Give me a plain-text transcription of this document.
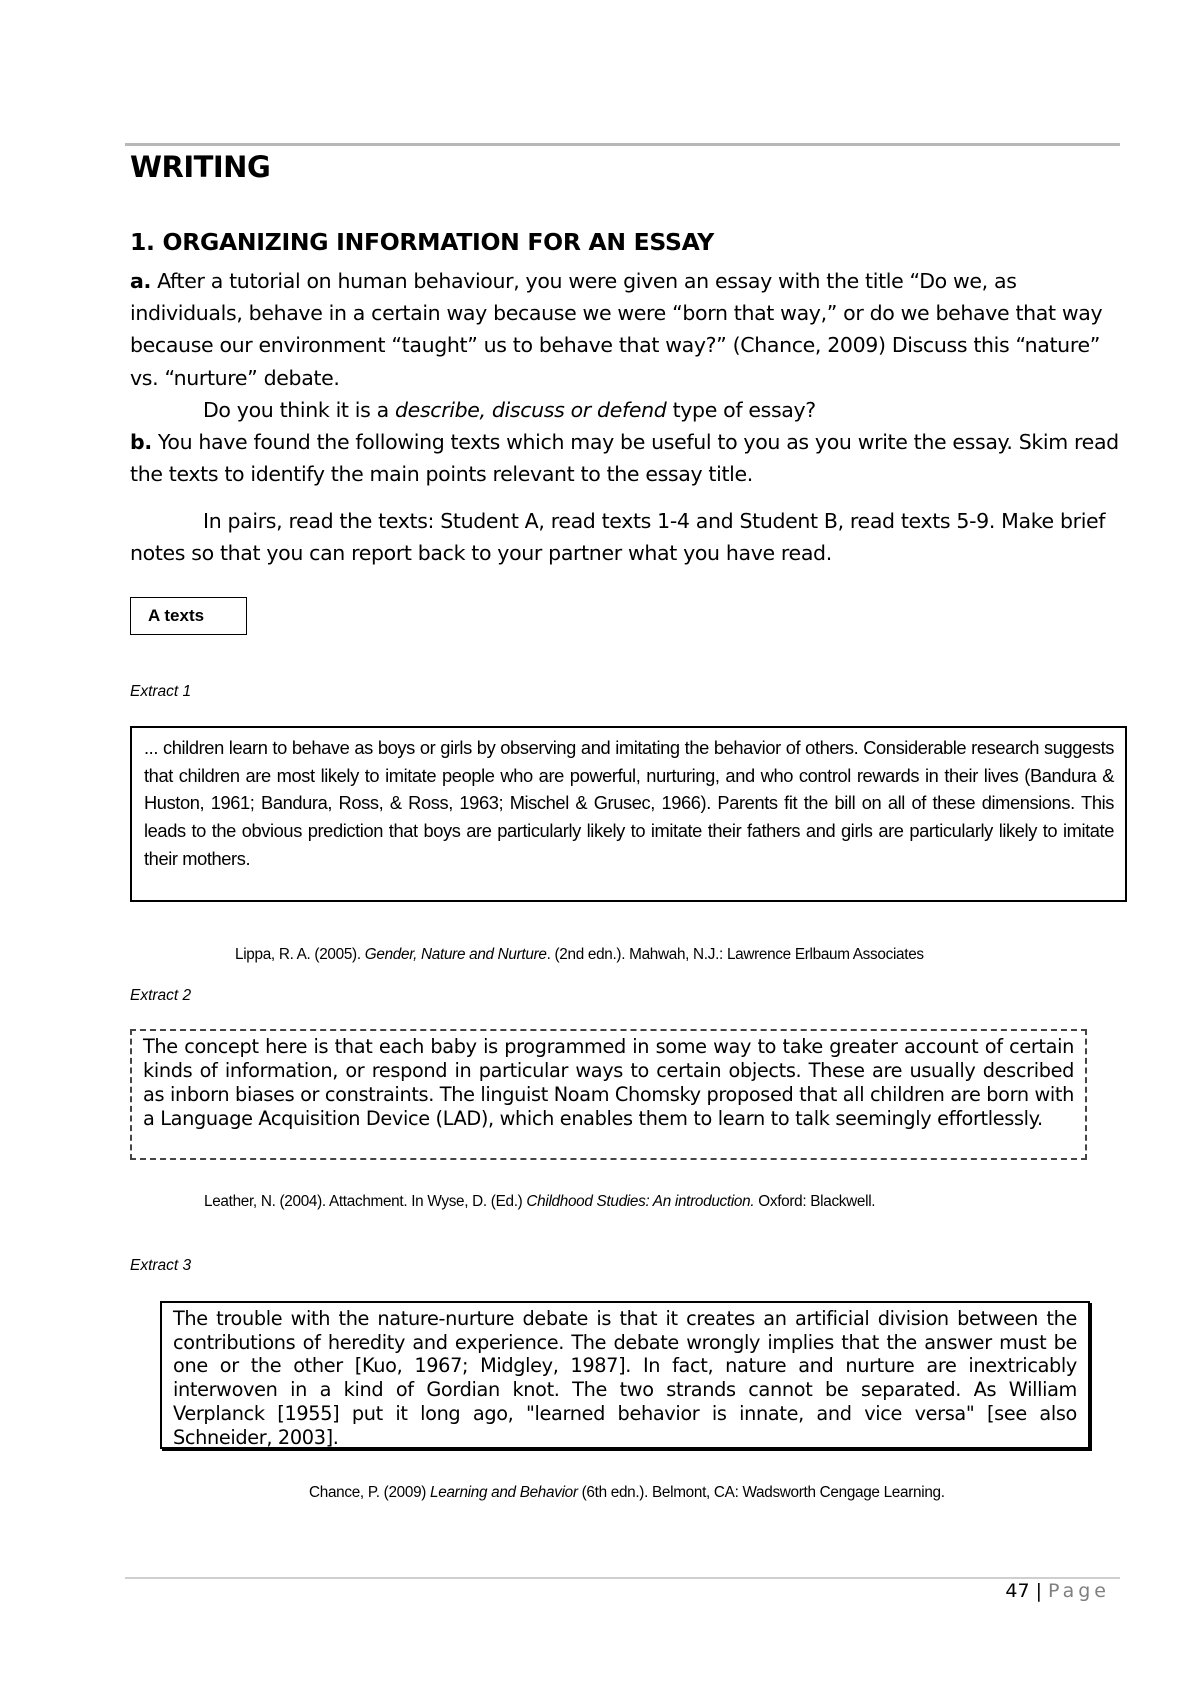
WRITING
1. ORGANIZING INFORMATION FOR AN ESSAY
a. After a tutorial on human behaviour, you were given an essay with the title “Do we, as individuals, behave in a certain way because we were “born that way,” or do we behave that way because our environment “taught” us to behave that way?” (Chance, 2009) Discuss this “nature” vs. “nurture” debate.
Do you think it is a describe, discuss or defend type of essay?
b. You have found the following texts which may be useful to you as you write the essay. Skim read the texts to identify the main points relevant to the essay title.
In pairs, read the texts: Student A, read texts 1-4 and Student B, read texts 5-9. Make brief notes so that you can report back to your partner what you have read.
A texts
Extract 1
... children learn to behave as boys or girls by observing and imitating the behavior of others. Considerable research suggests that children are most likely to imitate people who are powerful, nurturing, and who control rewards in their lives (Bandura & Huston, 1961; Bandura, Ross, & Ross, 1963; Mischel & Grusec, 1966). Parents fit the bill on all of these dimensions. This leads to the obvious prediction that boys are particularly likely to imitate their fathers and girls are particularly likely to imitate their mothers.
Lippa, R. A. (2005). Gender, Nature and Nurture. (2nd edn.). Mahwah, N.J.: Lawrence Erlbaum Associates
Extract 2
The concept here is that each baby is programmed in some way to take greater account of certain kinds of information, or respond in particular ways to certain objects. These are usually described as inborn biases or constraints. The linguist Noam Chomsky proposed that all children are born with a Language Acquisition Device (LAD), which enables them to learn to talk seemingly effortlessly.
Leather, N. (2004). Attachment. In Wyse, D. (Ed.) Childhood Studies: An introduction. Oxford: Blackwell.
Extract 3
The trouble with the nature-nurture debate is that it creates an artificial division between the contributions of heredity and experience. The debate wrongly implies that the answer must be one or the other [Kuo, 1967; Midgley, 1987]. In fact, nature and nurture are inextricably interwoven in a kind of Gordian knot. The two strands cannot be separated. As William Verplanck [1955] put it long ago, "learned behavior is innate, and vice versa" [see also Schneider, 2003].
Chance, P. (2009) Learning and Behavior (6th edn.). Belmont, CA: Wadsworth Cengage Learning.
47 | Page
